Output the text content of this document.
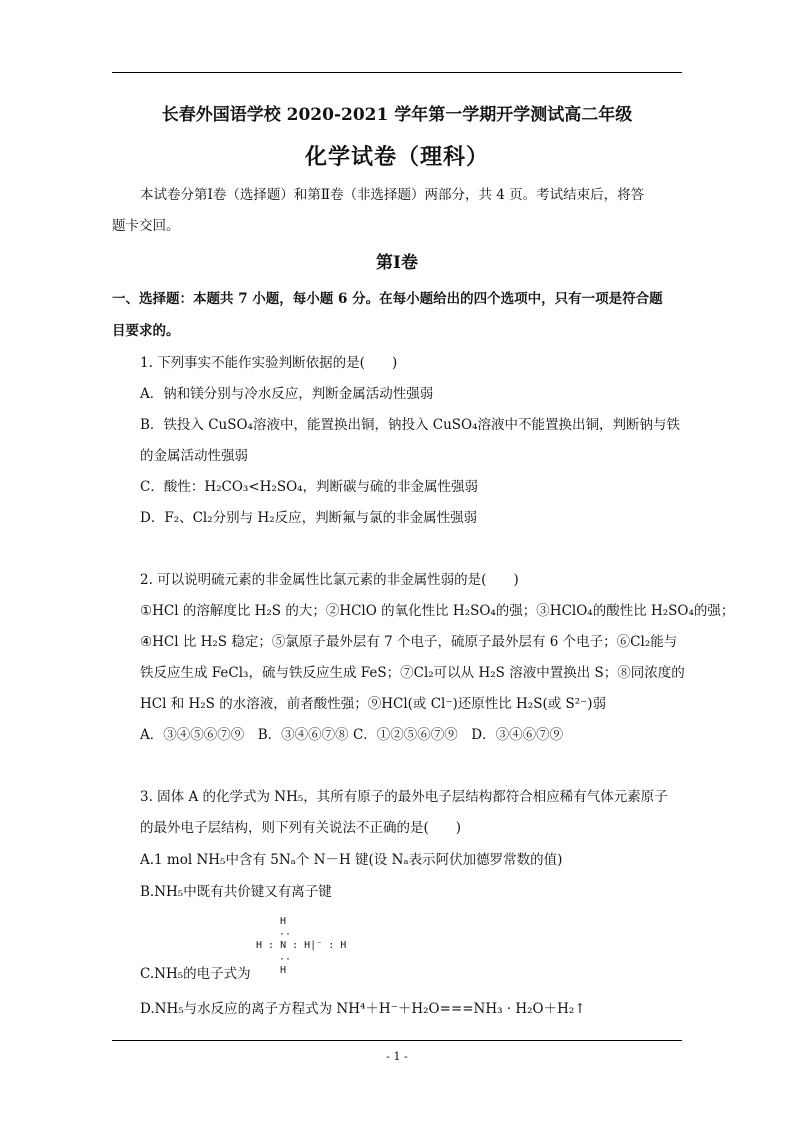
长春外国语学校 2020-2021 学年第一学期开学测试高二年级
化学试卷（理科）
本试卷分第Ⅰ卷（选择题）和第Ⅱ卷（非选择题）两部分，共 4 页。考试结束后，将答
题卡交回。
第Ⅰ卷
一、选择题：本题共 7 小题，每小题 6 分。在每小题给出的四个选项中，只有一项是符合题
目要求的。
1. 下列事实不能作实验判断依据的是(　　)
A．钠和镁分别与冷水反应，判断金属活动性强弱
B．铁投入 CuSO₄溶液中，能置换出铜，钠投入 CuSO₄溶液中不能置换出铜，判断钠与铁
的金属活动性强弱
C．酸性：H₂CO₃<H₂SO₄，判断碳与硫的非金属性强弱
D．F₂、Cl₂分别与 H₂反应，判断氟与氯的非金属性强弱
2. 可以说明硫元素的非金属性比氯元素的非金属性弱的是(　　)
①HCl 的溶解度比 H₂S 的大；②HClO 的氧化性比 H₂SO₄的强；③HClO₄的酸性比 H₂SO₄的强；
④HCl 比 H₂S 稳定；⑤氯原子最外层有 7 个电子，硫原子最外层有 6 个电子；⑥Cl₂能与
铁反应生成 FeCl₃，硫与铁反应生成 FeS；⑦Cl₂可以从 H₂S 溶液中置换出 S；⑧同浓度的
HCl 和 H₂S 的水溶液，前者酸性强；⑨HCl(或 Cl⁻)还原性比 H₂S(或 S²⁻)弱
A．③④⑤⑥⑦⑨　B．③④⑥⑦⑧ C．①②⑤⑥⑦⑨　D．③④⑥⑦⑨
3. 固体 A 的化学式为 NH₅，其所有原子的最外电子层结构都符合相应稀有气体元素原子
的最外电子层结构，则下列有关说法不正确的是(　　)
A.1 mol NH₅中含有 5Nₐ个 N－H 键(设 Nₐ表示阿伏加德罗常数的值)
B.NH₅中既有共价键又有离子键
H
··
H : N : H|⁻ : H
··
H
C.NH₅的电子式为
D.NH₅与水反应的离子方程式为 NH⁴＋H⁻＋H₂O===NH₃ · H₂O＋H₂↑
- 1 -
